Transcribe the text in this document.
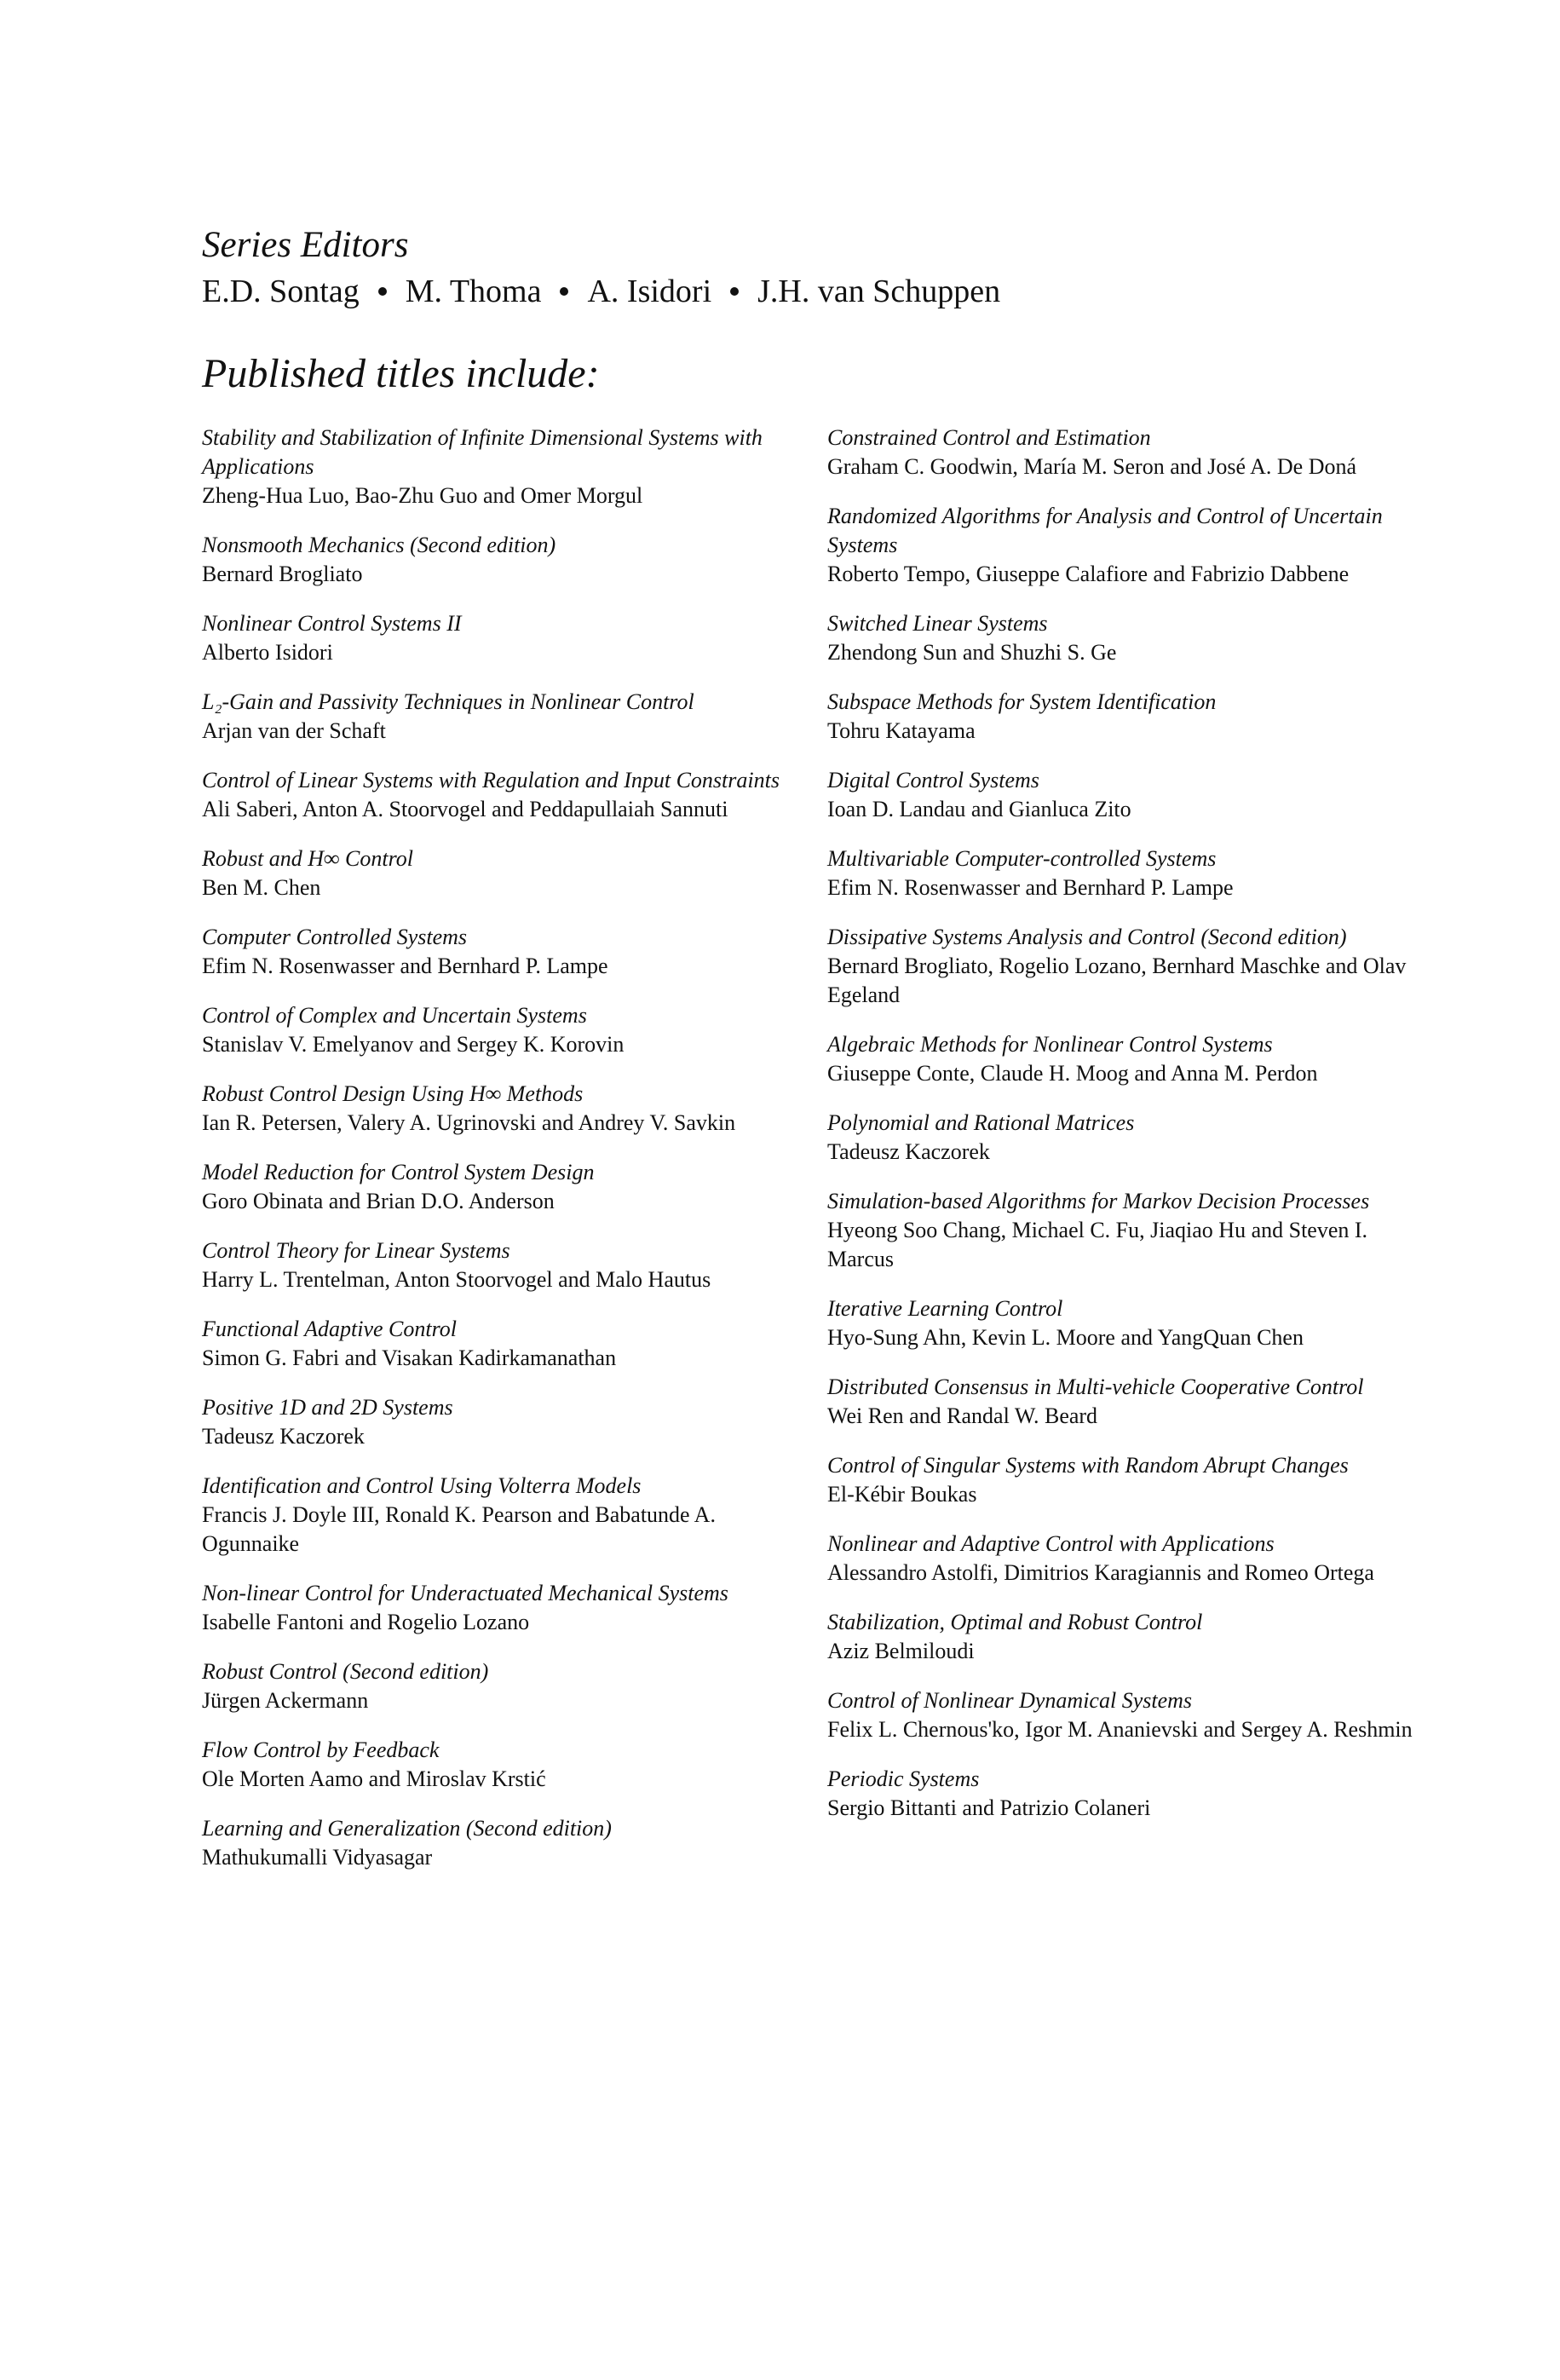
Series Editors
E.D. Sontag M. Thoma A. Isidori J.H. van Schuppen
Published titles include:
Stability and Stabilization of Infinite Dimensional Systems with Applications
Zheng-Hua Luo, Bao-Zhu Guo and Omer Morgul
Nonsmooth Mechanics (Second edition)
Bernard Brogliato
Nonlinear Control Systems II
Alberto Isidori
L₂-Gain and Passivity Techniques in Nonlinear Control
Arjan van der Schaft
Control of Linear Systems with Regulation and Input Constraints
Ali Saberi, Anton A. Stoorvogel and Peddapullaiah Sannuti
Robust and H∞ Control
Ben M. Chen
Computer Controlled Systems
Efim N. Rosenwasser and Bernhard P. Lampe
Control of Complex and Uncertain Systems
Stanislav V. Emelyanov and Sergey K. Korovin
Robust Control Design Using H∞ Methods
Ian R. Petersen, Valery A. Ugrinovski and Andrey V. Savkin
Model Reduction for Control System Design
Goro Obinata and Brian D.O. Anderson
Control Theory for Linear Systems
Harry L. Trentelman, Anton Stoorvogel and Malo Hautus
Functional Adaptive Control
Simon G. Fabri and Visakan Kadirkamanathan
Positive 1D and 2D Systems
Tadeusz Kaczorek
Identification and Control Using Volterra Models
Francis J. Doyle III, Ronald K. Pearson and Babatunde A. Ogunnaike
Non-linear Control for Underactuated Mechanical Systems
Isabelle Fantoni and Rogelio Lozano
Robust Control (Second edition)
Jürgen Ackermann
Flow Control by Feedback
Ole Morten Aamo and Miroslav Krstić
Learning and Generalization (Second edition)
Mathukumalli Vidyasagar
Constrained Control and Estimation
Graham C. Goodwin, María M. Seron and José A. De Doná
Randomized Algorithms for Analysis and Control of Uncertain Systems
Roberto Tempo, Giuseppe Calafiore and Fabrizio Dabbene
Switched Linear Systems
Zhendong Sun and Shuzhi S. Ge
Subspace Methods for System Identification
Tohru Katayama
Digital Control Systems
Ioan D. Landau and Gianluca Zito
Multivariable Computer-controlled Systems
Efim N. Rosenwasser and Bernhard P. Lampe
Dissipative Systems Analysis and Control (Second edition)
Bernard Brogliato, Rogelio Lozano, Bernhard Maschke and Olav Egeland
Algebraic Methods for Nonlinear Control Systems
Giuseppe Conte, Claude H. Moog and Anna M. Perdon
Polynomial and Rational Matrices
Tadeusz Kaczorek
Simulation-based Algorithms for Markov Decision Processes
Hyeong Soo Chang, Michael C. Fu, Jiaqiao Hu and Steven I. Marcus
Iterative Learning Control
Hyo-Sung Ahn, Kevin L. Moore and YangQuan Chen
Distributed Consensus in Multi-vehicle Cooperative Control
Wei Ren and Randal W. Beard
Control of Singular Systems with Random Abrupt Changes
El-Kébir Boukas
Nonlinear and Adaptive Control with Applications
Alessandro Astolfi, Dimitrios Karagiannis and Romeo Ortega
Stabilization, Optimal and Robust Control
Aziz Belmiloudi
Control of Nonlinear Dynamical Systems
Felix L. Chernous'ko, Igor M. Ananievski and Sergey A. Reshmin
Periodic Systems
Sergio Bittanti and Patrizio Colaneri
